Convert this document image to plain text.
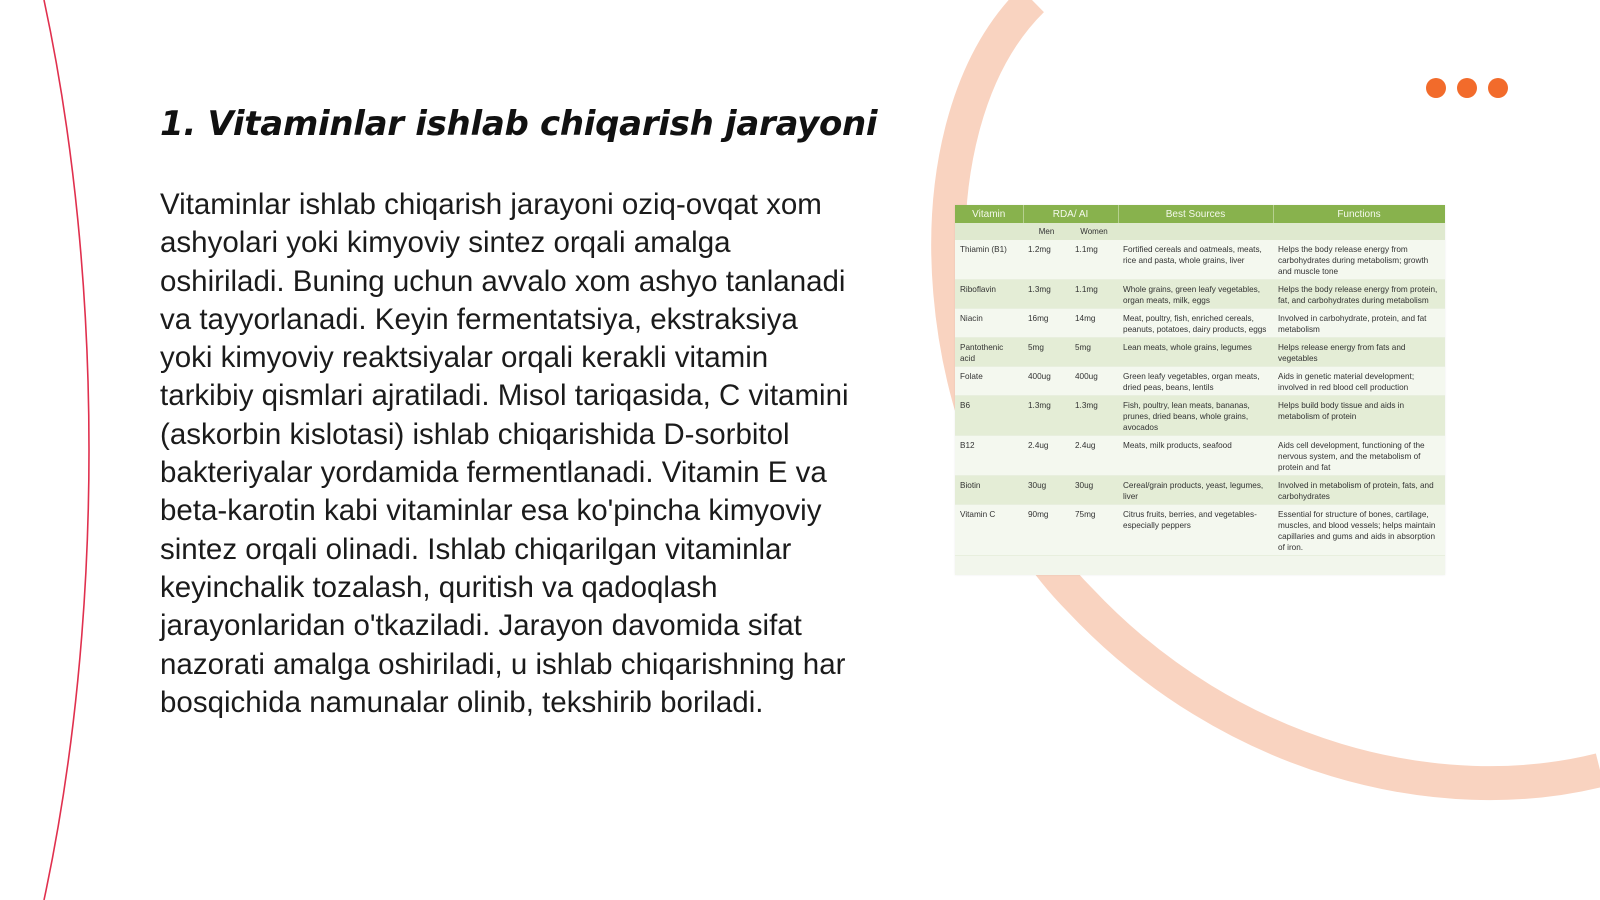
1. Vitaminlar ishlab chiqarish jarayoni

Vitaminlar ishlab chiqarish jarayoni oziq-ovqat xom ashyolari yoki kimyoviy sintez orqali amalga oshiriladi. Buning uchun avvalo xom ashyo tanlanadi va tayyorlanadi. Keyin fermentatsiya, ekstraksiya yoki kimyoviy reaktsiyalar orqali kerakli vitamin tarkibiy qismlari ajratiladi. Misol tariqasida, C vitamini (askorbin kislotasi) ishlab chiqarishida D-sorbitol bakteriyalar yordamida fermentlanadi. Vitamin E va beta-karotin kabi vitaminlar esa ko'pincha kimyoviy sintez orqali olinadi. Ishlab chiqarilgan vitaminlar keyinchalik tozalash, quritish va qadoqlash jarayonlaridan o'tkaziladi. Jarayon davomida sifat nazorati amalga oshiriladi, u ishlab chiqarishning har bosqichida namunalar olinib, tekshirib boriladi.

Vitamin	RDA/ AI		Best Sources	Functions
	Men	Women		
Thiamin (B1)	1.2mg	1.1mg	Fortified cereals and oatmeals, meats, rice and pasta, whole grains, liver	Helps the body release energy from carbohydrates during metabolism; growth and muscle tone
Riboflavin	1.3mg	1.1mg	Whole grains, green leafy vegetables, organ meats, milk, eggs	Helps the body release energy from protein, fat, and carbohydrates during metabolism
Niacin	16mg	14mg	Meat, poultry, fish, enriched cereals, peanuts, potatoes, dairy products, eggs	Involved in carbohydrate, protein, and fat metabolism
Pantothenic acid	5mg	5mg	Lean meats, whole grains, legumes	Helps release energy from fats and vegetables
Folate	400ug	400ug	Green leafy vegetables, organ meats, dried peas, beans, lentils	Aids in genetic material development; involved in red blood cell production
B6	1.3mg	1.3mg	Fish, poultry, lean meats, bananas, prunes, dried beans, whole grains, avocados	Helps build body tissue and aids in metabolism of protein
B12	2.4ug	2.4ug	Meats, milk products, seafood	Aids cell development, functioning of the nervous system, and the metabolism of protein and fat
Biotin	30ug	30ug	Cereal/grain products, yeast, legumes, liver	Involved in metabolism of protein, fats, and carbohydrates
Vitamin C	90mg	75mg	Citrus fruits, berries, and vegetables- especially peppers	Essential for structure of bones, cartilage, muscles, and blood vessels; helps maintain capillaries and gums and aids in absorption of iron.
